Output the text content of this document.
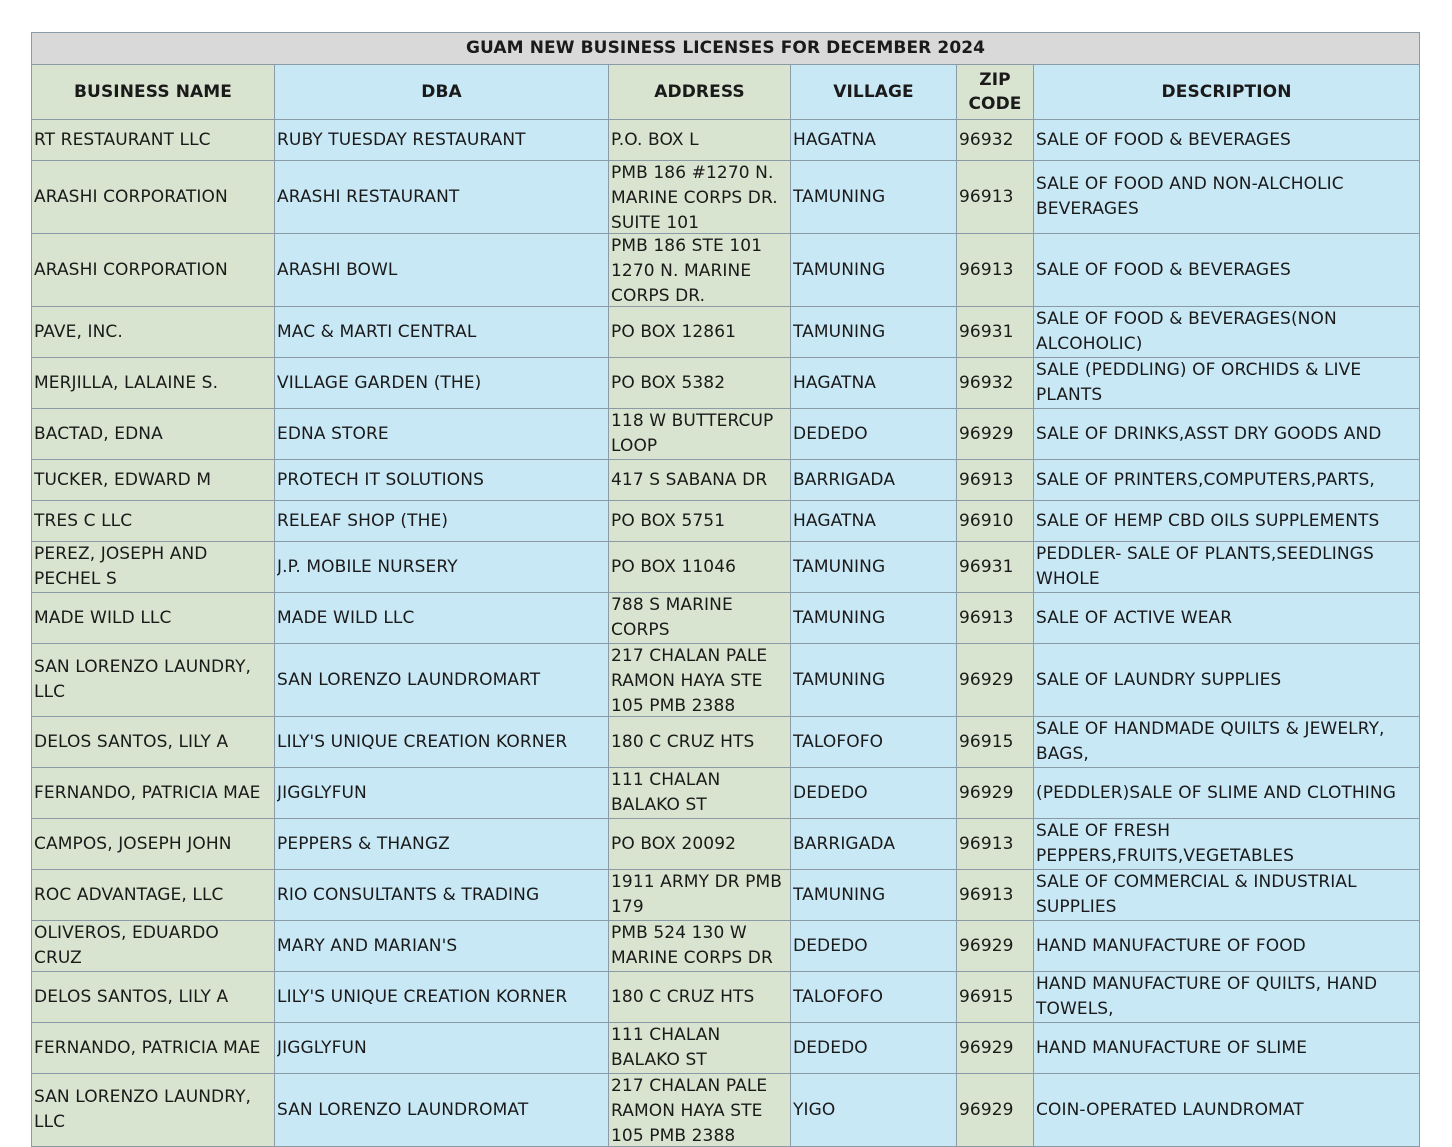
GUAM NEW BUSINESS LICENSES FOR DECEMBER 2024					
BUSINESS NAME	DBA	ADDRESS	VILLAGE	ZIP CODE	DESCRIPTION

RT RESTAURANT LLC	RUBY TUESDAY RESTAURANT	P.O. BOX L	HAGATNA	96932	SALE OF FOOD & BEVERAGES

ARASHI CORPORATION	ARASHI RESTAURANT	PMB 186 #1270 N. MARINE CORPS DR. SUITE 101	TAMUNING	96913	SALE OF FOOD AND NON-ALCHOLIC BEVERAGES

ARASHI CORPORATION	ARASHI BOWL	PMB 186 STE 101 1270 N. MARINE CORPS DR.	TAMUNING	96913	SALE OF FOOD & BEVERAGES

PAVE, INC.	MAC & MARTI CENTRAL	PO BOX 12861	TAMUNING	96931	SALE OF FOOD & BEVERAGES(NON ALCOHOLIC)

MERJILLA, LALAINE S.	VILLAGE GARDEN (THE)	PO BOX 5382	HAGATNA	96932	SALE (PEDDLING) OF ORCHIDS & LIVE PLANTS

BACTAD, EDNA	EDNA STORE	118 W BUTTERCUP LOOP	DEDEDO	96929	SALE OF DRINKS,ASST DRY GOODS AND

TUCKER, EDWARD M	PROTECH IT SOLUTIONS	417 S SABANA DR	BARRIGADA	96913	SALE OF PRINTERS,COMPUTERS,PARTS,

TRES C LLC	RELEAF SHOP (THE)	PO BOX 5751	HAGATNA	96910	SALE OF HEMP CBD OILS SUPPLEMENTS

PEREZ, JOSEPH AND PECHEL S	J.P. MOBILE NURSERY	PO BOX 11046	TAMUNING	96931	PEDDLER- SALE OF PLANTS,SEEDLINGS WHOLE

MADE WILD LLC	MADE WILD LLC	788 S MARINE CORPS	TAMUNING	96913	SALE OF ACTIVE WEAR

SAN LORENZO LAUNDRY, LLC	SAN LORENZO LAUNDROMART	217 CHALAN PALE RAMON HAYA STE 105 PMB 2388	TAMUNING	96929	SALE OF LAUNDRY SUPPLIES

DELOS SANTOS, LILY A	LILY'S UNIQUE CREATION KORNER	180 C CRUZ HTS	TALOFOFO	96915	SALE OF HANDMADE QUILTS & JEWELRY, BAGS,

FERNANDO, PATRICIA MAE	JIGGLYFUN	111 CHALAN BALAKO ST	DEDEDO	96929	(PEDDLER)SALE OF SLIME AND CLOTHING

CAMPOS, JOSEPH JOHN	PEPPERS & THANGZ	PO BOX 20092	BARRIGADA	96913	SALE OF FRESH PEPPERS,FRUITS,VEGETABLES

ROC ADVANTAGE, LLC	RIO CONSULTANTS & TRADING	1911 ARMY DR PMB 179	TAMUNING	96913	SALE OF COMMERCIAL & INDUSTRIAL SUPPLIES

OLIVEROS, EDUARDO CRUZ	MARY AND MARIAN'S	PMB 524 130 W MARINE CORPS DR	DEDEDO	96929	HAND MANUFACTURE OF FOOD

DELOS SANTOS, LILY A	LILY'S UNIQUE CREATION KORNER	180 C CRUZ HTS	TALOFOFO	96915	HAND MANUFACTURE OF QUILTS, HAND TOWELS,

FERNANDO, PATRICIA MAE	JIGGLYFUN	111 CHALAN BALAKO ST	DEDEDO	96929	HAND MANUFACTURE OF SLIME

SAN LORENZO LAUNDRY, LLC	SAN LORENZO LAUNDROMAT	217 CHALAN PALE RAMON HAYA STE 105 PMB 2388	YIGO	96929	COIN-OPERATED LAUNDROMAT
